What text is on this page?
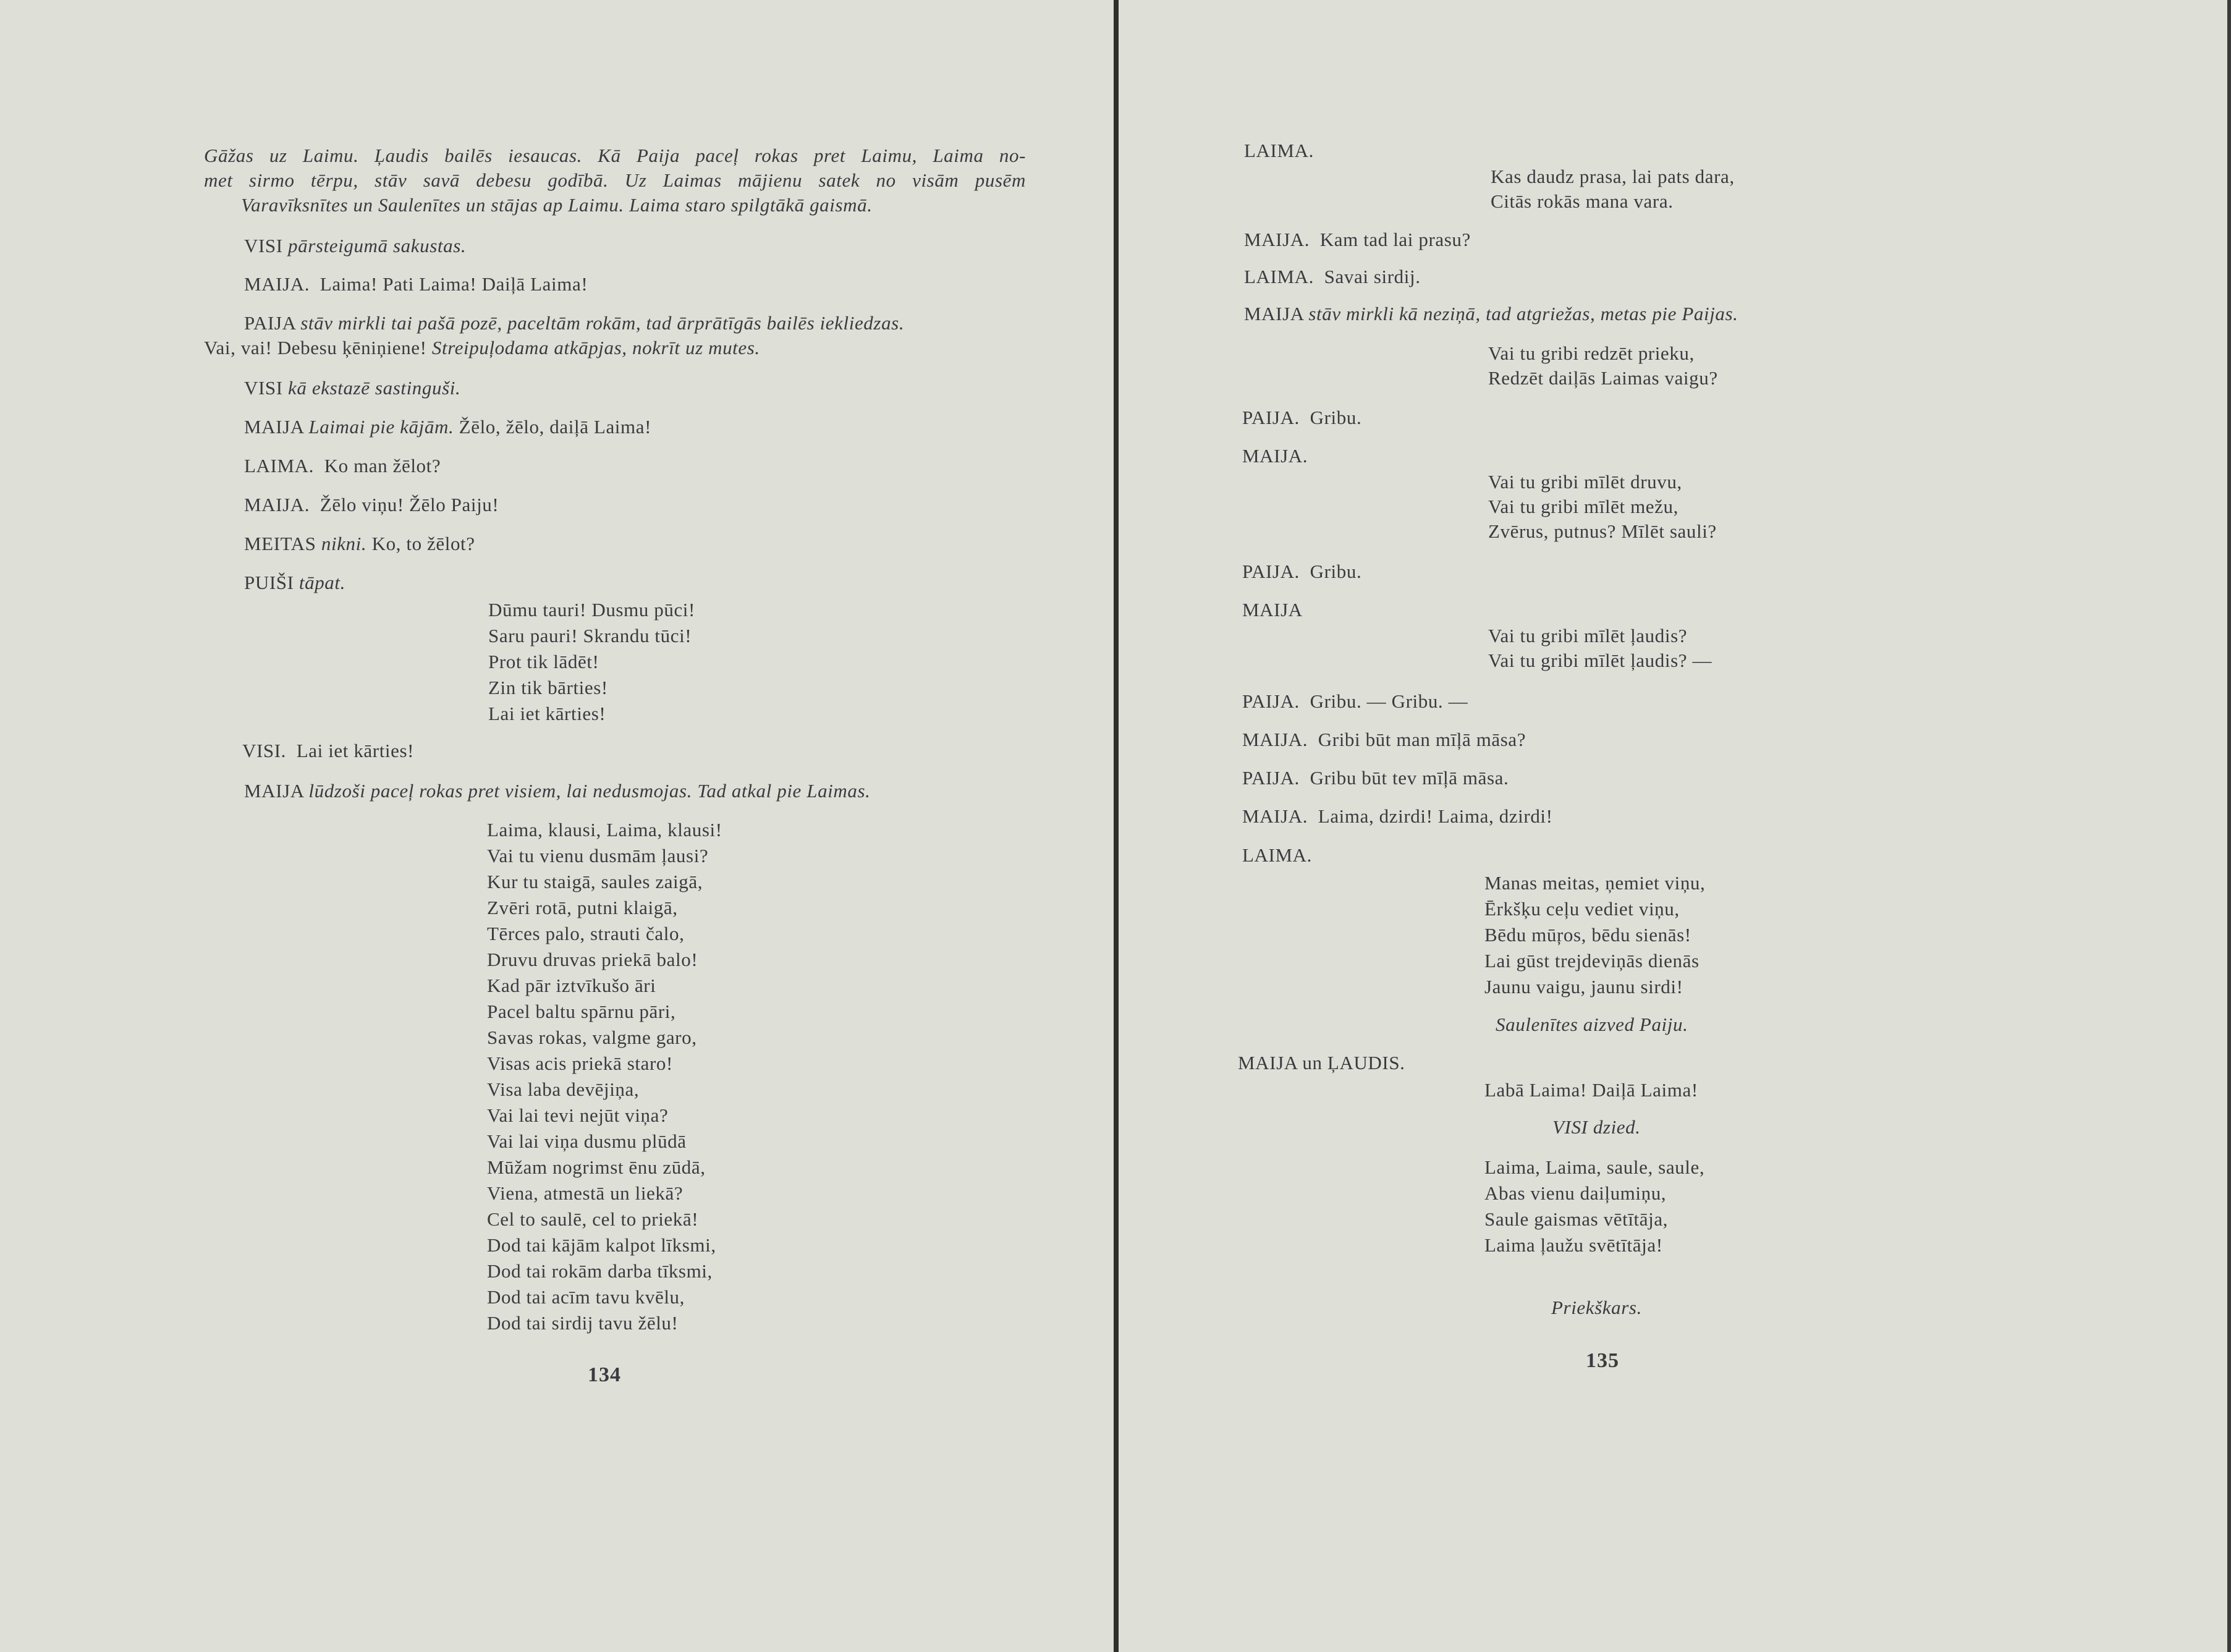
Gāžas uz Laimu. Ļaudis bailēs iesaucas. Kā Paija paceļ rokas pret Laimu, Laima no-
met sirmo tērpu, stāv savā debesu godībā. Uz Laimas mājienu satek no visām pusēm
Varavīksnītes un Saulenītes un stājas ap Laimu. Laima staro spilgtākā gaismā.
VISI pārsteigumā sakustas.
MAIJA. Laima! Pati Laima! Daiļā Laima!
PAIJA stāv mirkli tai pašā pozē, paceltām rokām, tad ārprātīgās bailēs iekliedzas.
Vai, vai! Debesu ķēniņiene! Streipuļodama atkāpjas, nokrīt uz mutes.
VISI kā ekstazē sastinguši.
MAIJA Laimai pie kājām. Žēlo, žēlo, daiļā Laima!
LAIMA. Ko man žēlot?
MAIJA. Žēlo viņu! Žēlo Paiju!
MEITAS nikni. Ko, to žēlot?
PUIŠI tāpat.
Dūmu tauri! Dusmu pūci!
Saru pauri! Skrandu tūci!
Prot tik lādēt!
Zin tik bārties!
Lai iet kārties!
VISI. Lai iet kārties!
MAIJA lūdzoši paceļ rokas pret visiem, lai nedusmojas. Tad atkal pie Laimas.
Laima, klausi, Laima, klausi!
Vai tu vienu dusmām ļausi?
Kur tu staigā, saules zaigā,
Zvēri rotā, putni klaigā,
Tērces palo, strauti čalo,
Druvu druvas priekā balo!
Kad pār iztvīkušo āri
Pacel baltu spārnu pāri,
Savas rokas, valgme garo,
Visas acis priekā staro!
Visa laba devējiņa,
Vai lai tevi nejūt viņa?
Vai lai viņa dusmu plūdā
Mūžam nogrimst ēnu zūdā,
Viena, atmestā un liekā?
Cel to saulē, cel to priekā!
Dod tai kājām kalpot līksmi,
Dod tai rokām darba tīksmi,
Dod tai acīm tavu kvēlu,
Dod tai sirdij tavu žēlu!
134
LAIMA.
Kas daudz prasa, lai pats dara,
Citās rokās mana vara.
MAIJA. Kam tad lai prasu?
LAIMA. Savai sirdij.
MAIJA stāv mirkli kā neziņā, tad atgriežas, metas pie Paijas.
Vai tu gribi redzēt prieku,
Redzēt daiļās Laimas vaigu?
PAIJA. Gribu.
MAIJA.
Vai tu gribi mīlēt druvu,
Vai tu gribi mīlēt mežu,
Zvērus, putnus? Mīlēt sauli?
PAIJA. Gribu.
MAIJA
Vai tu gribi mīlēt ļaudis?
Vai tu gribi mīlēt ļaudis? —
PAIJA. Gribu. — Gribu. —
MAIJA. Gribi būt man mīļā māsa?
PAIJA. Gribu būt tev mīļā māsa.
MAIJA. Laima, dzirdi! Laima, dzirdi!
LAIMA.
Manas meitas, ņemiet viņu,
Ērkšķu ceļu vediet viņu,
Bēdu mūŗos, bēdu sienās!
Lai gūst trejdeviņās dienās
Jaunu vaigu, jaunu sirdi!
Saulenītes aizved Paiju.
MAIJA un ĻAUDIS.
Labā Laima! Daiļā Laima!
VISI dzied.
Laima, Laima, saule, saule,
Abas vienu daiļumiņu,
Saule gaismas vētītāja,
Laima ļaužu svētītāja!
Priekškars.
135
